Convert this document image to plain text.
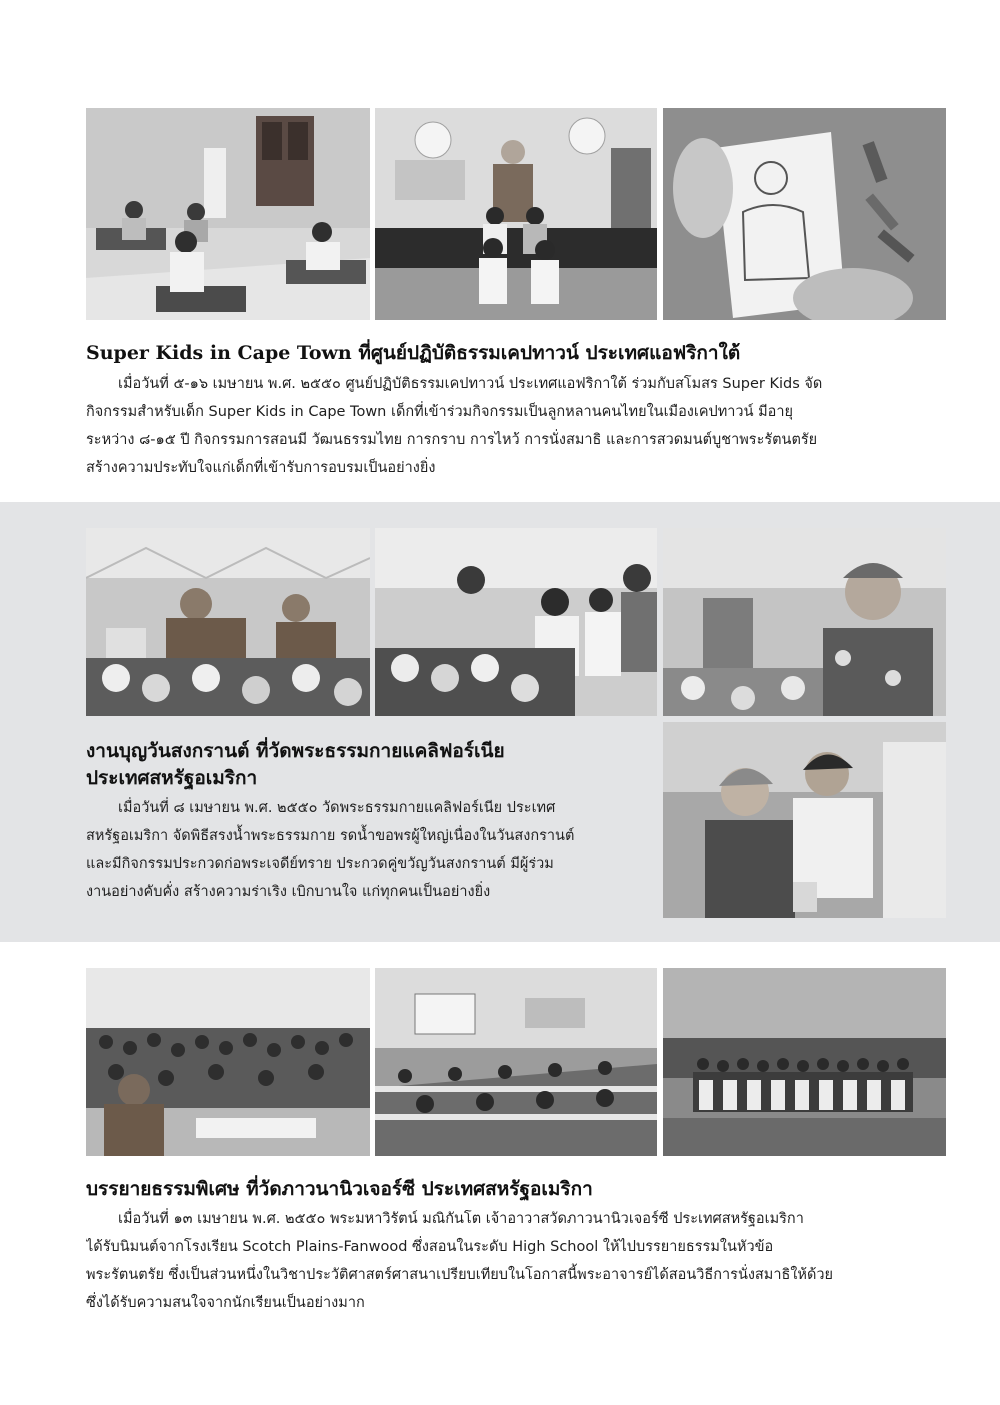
Super Kids in Cape Town ที่ศูนย์ปฏิบัติธรรมเคปทาวน์ ประเทศแอฟริกาใต้

เมื่อวันที่ ๕-๑๖ เมษายน พ.ศ. ๒๕๕๐ ศูนย์ปฏิบัติธรรมเคปทาวน์ ประเทศแอฟริกาใต้ ร่วมกับสโมสร Super Kids จัด
กิจกรรมสำหรับเด็ก Super Kids in Cape Town เด็กที่เข้าร่วมกิจกรรมเป็นลูกหลานคนไทยในเมืองเคปทาวน์ มีอายุ
ระหว่าง ๘-๑๕ ปี กิจกรรมการสอนมี วัฒนธรรมไทย การกราบ การไหว้ การนั่งสมาธิ และการสวดมนต์บูชาพระรัตนตรัย
สร้างความประทับใจแก่เด็กที่เข้ารับการอบรมเป็นอย่างยิ่ง

งานบุญวันสงกรานต์ ที่วัดพระธรรมกายแคลิฟอร์เนีย
ประเทศสหรัฐอเมริกา

เมื่อวันที่ ๘ เมษายน พ.ศ. ๒๕๕๐ วัดพระธรรมกายแคลิฟอร์เนีย ประเทศ
สหรัฐอเมริกา จัดพิธีสรงน้ำพระธรรมกาย รดน้ำขอพรผู้ใหญ่เนื่องในวันสงกรานต์
และมีกิจกรรมประกวดก่อพระเจดีย์ทราย ประกวดคู่ขวัญวันสงกรานต์ มีผู้ร่วม
งานอย่างคับคั่ง สร้างความร่าเริง เบิกบานใจ แก่ทุกคนเป็นอย่างยิ่ง

บรรยายธรรมพิเศษ ที่วัดภาวนานิวเจอร์ซี ประเทศสหรัฐอเมริกา

เมื่อวันที่ ๑๓ เมษายน พ.ศ. ๒๕๕๐ พระมหาวิรัตน์ มณิกันโต เจ้าอาวาสวัดภาวนานิวเจอร์ซี ประเทศสหรัฐอเมริกา
ได้รับนิมนต์จากโรงเรียน Scotch Plains-Fanwood ซึ่งสอนในระดับ High School ให้ไปบรรยายธรรมในหัวข้อ
พระรัตนตรัย ซึ่งเป็นส่วนหนึ่งในวิชาประวัติศาสตร์ศาสนาเปรียบเทียบในโอกาสนี้พระอาจารย์ได้สอนวิธีการนั่งสมาธิให้ด้วย
ซึ่งได้รับความสนใจจากนักเรียนเป็นอย่างมาก
